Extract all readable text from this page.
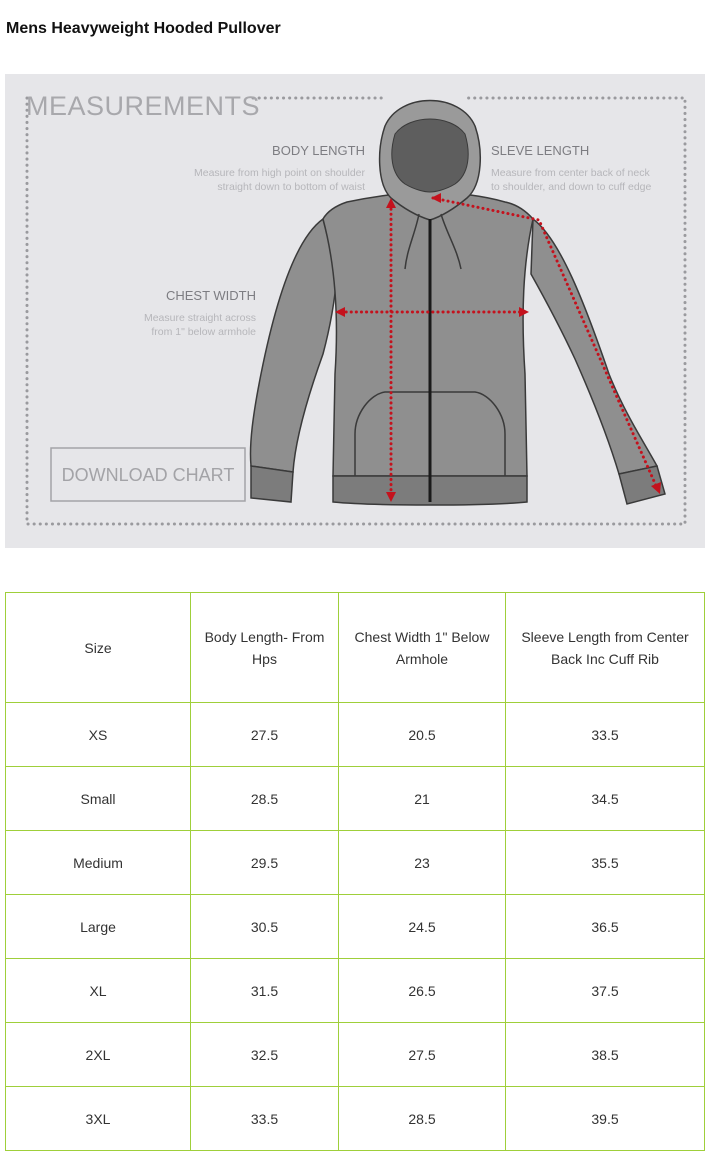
Mens Heavyweight Hooded Pullover
MEASUREMENTS
BODY LENGTH
Measure from high point on shoulder
straight down to bottom of waist
SLEVE LENGTH
Measure from center back of neck
to shoulder, and down to cuff edge
CHEST WIDTH
Measure straight across
from 1" below armhole
DOWNLOAD CHART
Size	Body Length- From Hps	Chest Width 1" Below Armhole	Sleeve Length from Center Back Inc Cuff Rib
XS	27.5	20.5	33.5
Small	28.5	21	34.5
Medium	29.5	23	35.5
Large	30.5	24.5	36.5
XL	31.5	26.5	37.5
2XL	32.5	27.5	38.5
3XL	33.5	28.5	39.5
